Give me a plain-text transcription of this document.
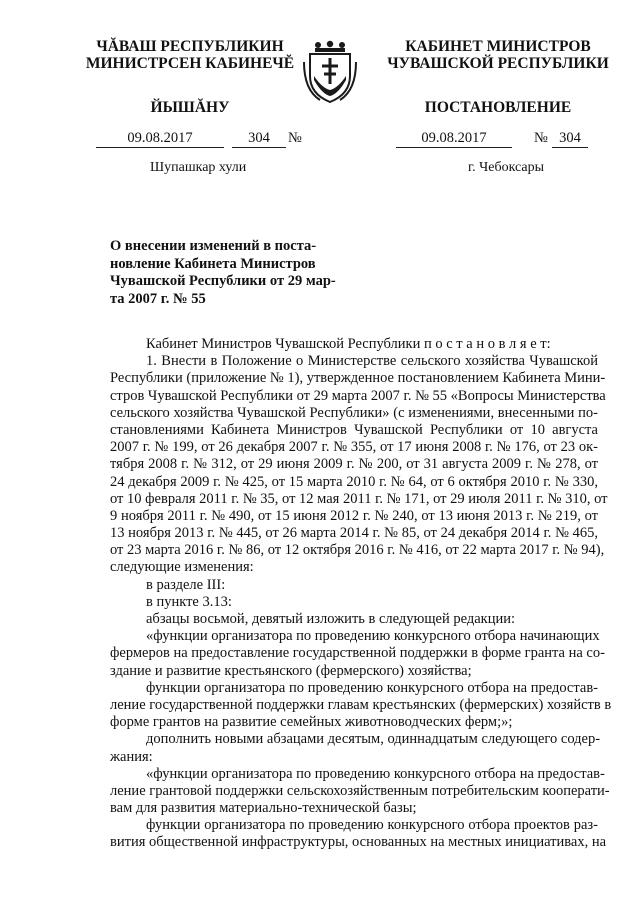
ЧĂВАШ РЕСПУБЛИКИН
МИНИСТРСЕН КАБИНЕЧĔ
КАБИНЕТ МИНИСТРОВ
ЧУВАШСКОЙ РЕСПУБЛИКИ
ЙЫШĂНУ	ПОСТАНОВЛЕНИЕ
09.08.2017	304	№	09.08.2017	№ 304
Шупашкар хули	г. Чебоксары
О внесении изменений в поста-
новление Кабинета Министров
Чувашской Республики от 29 мар-
та 2007 г. № 55
Кабинет Министров Чувашской Республики п о с т а н о в л я е т:
1. Внести в Положение о Министерстве сельского хозяйства Чувашской
Республики (приложение № 1), утвержденное постановлением Кабинета Мини-
стров Чувашской Республики от 29 марта 2007 г. № 55 «Вопросы Министерства
сельского хозяйства Чувашской Республики» (с изменениями, внесенными по-
становлениями Кабинета Министров Чувашской Республики от 10 августа
2007 г. № 199, от 26 декабря 2007 г. № 355, от 17 июня 2008 г. № 176, от 23 ок-
тября 2008 г. № 312, от 29 июня 2009 г. № 200, от 31 августа 2009 г. № 278, от
24 декабря 2009 г. № 425, от 15 марта 2010 г. № 64, от 6 октября 2010 г. № 330,
от 10 февраля 2011 г. № 35, от 12 мая 2011 г. № 171, от 29 июля 2011 г. № 310, от
9 ноября 2011 г. № 490, от 15 июня 2012 г. № 240, от 13 июня 2013 г. № 219, от
13 ноября 2013 г. № 445, от 26 марта 2014 г. № 85, от 24 декабря 2014 г. № 465,
от 23 марта 2016 г. № 86, от 12 октября 2016 г. № 416, от 22 марта 2017 г. № 94),
следующие изменения:
в разделе III:
в пункте 3.13:
абзацы восьмой, девятый изложить в следующей редакции:
«функции организатора по проведению конкурсного отбора начинающих
фермеров на предоставление государственной поддержки в форме гранта на со-
здание и развитие крестьянского (фермерского) хозяйства;
функции организатора по проведению конкурсного отбора на предостав-
ление государственной поддержки главам крестьянских (фермерских) хозяйств в
форме грантов на развитие семейных животноводческих ферм;»;
дополнить новыми абзацами десятым, одиннадцатым следующего содер-
жания:
«функции организатора по проведению конкурсного отбора на предостав-
ление грантовой поддержки сельскохозяйственным потребительским кооперати-
вам для развития материально-технической базы;
функции организатора по проведению конкурсного отбора проектов раз-
вития общественной инфраструктуры, основанных на местных инициативах, на
